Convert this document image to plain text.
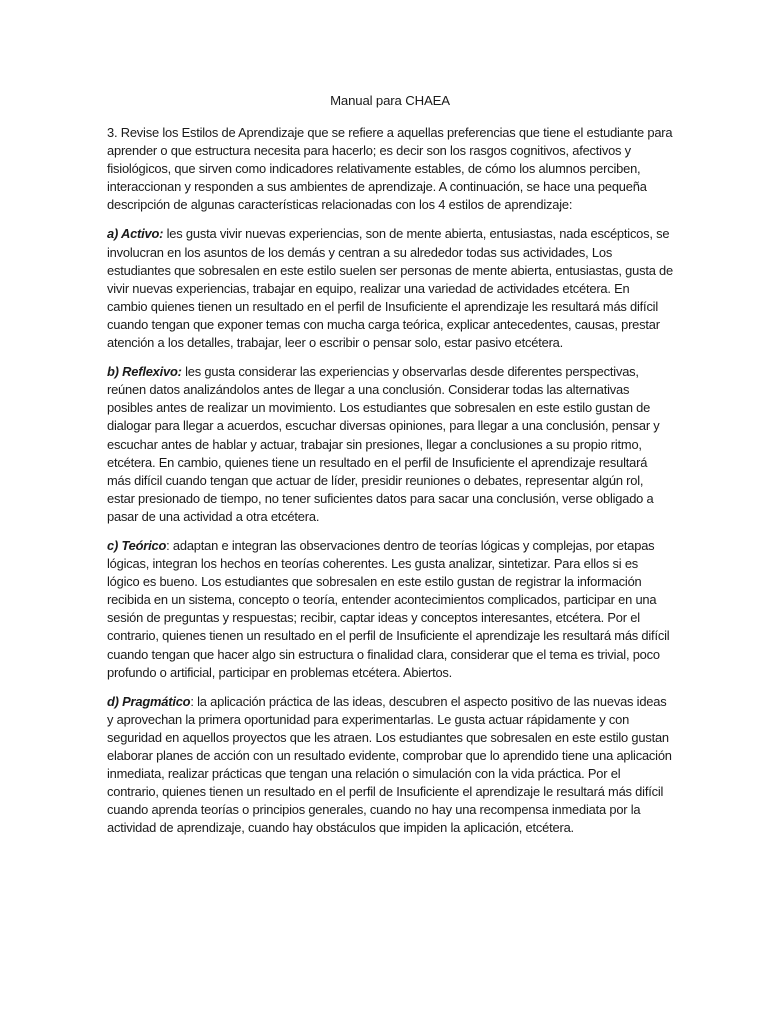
Manual para CHAEA

3. Revise los Estilos de Aprendizaje que se refiere a aquellas preferencias que tiene el estudiante para aprender o que estructura necesita para hacerlo; es decir son los rasgos cognitivos, afectivos y fisiológicos, que sirven como indicadores relativamente estables, de cómo los alumnos perciben, interaccionan y responden a sus ambientes de aprendizaje. A continuación, se hace una pequeña descripción de algunas características relacionadas con los 4 estilos de aprendizaje:

a) Activo: les gusta vivir nuevas experiencias, son de mente abierta, entusiastas, nada escépticos, se involucran en los asuntos de los demás y centran a su alrededor todas sus actividades, Los estudiantes que sobresalen en este estilo suelen ser personas de mente abierta, entusiastas, gusta de vivir nuevas experiencias, trabajar en equipo, realizar una variedad de actividades etcétera. En cambio quienes tienen un resultado en el perfil de Insuficiente el aprendizaje les resultará más difícil cuando tengan que exponer temas con mucha carga teórica, explicar antecedentes, causas, prestar atención a los detalles, trabajar, leer o escribir o pensar solo, estar pasivo etcétera.

b) Reflexivo: les gusta considerar las experiencias y observarlas desde diferentes perspectivas, reúnen datos analizándolos antes de llegar a una conclusión. Considerar todas las alternativas posibles antes de realizar un movimiento. Los estudiantes que sobresalen en este estilo gustan de dialogar para llegar a acuerdos, escuchar diversas opiniones, para llegar a una conclusión, pensar y escuchar antes de hablar y actuar, trabajar sin presiones, llegar a conclusiones a su propio ritmo, etcétera. En cambio, quienes tiene un resultado en el perfil de Insuficiente el aprendizaje resultará más difícil cuando tengan que actuar de líder, presidir reuniones o debates, representar algún rol, estar presionado de tiempo, no tener suficientes datos para sacar una conclusión, verse obligado a pasar de una actividad a otra etcétera.

c) Teórico: adaptan e integran las observaciones dentro de teorías lógicas y complejas, por etapas lógicas, integran los hechos en teorías coherentes. Les gusta analizar, sintetizar. Para ellos si es lógico es bueno. Los estudiantes que sobresalen en este estilo gustan de registrar la información recibida en un sistema, concepto o teoría, entender acontecimientos complicados, participar en una sesión de preguntas y respuestas; recibir, captar ideas y conceptos interesantes, etcétera. Por el contrario, quienes tienen un resultado en el perfil de Insuficiente el aprendizaje les resultará más difícil cuando tengan que hacer algo sin estructura o finalidad clara, considerar que el tema es trivial, poco profundo o artificial, participar en problemas etcétera. Abiertos.

d) Pragmático: la aplicación práctica de las ideas, descubren el aspecto positivo de las nuevas ideas y aprovechan la primera oportunidad para experimentarlas. Le gusta actuar rápidamente y con seguridad en aquellos proyectos que les atraen. Los estudiantes que sobresalen en este estilo gustan elaborar planes de acción con un resultado evidente, comprobar que lo aprendido tiene una aplicación inmediata, realizar prácticas que tengan una relación o simulación con la vida práctica. Por el contrario, quienes tienen un resultado en el perfil de Insuficiente el aprendizaje le resultará más difícil cuando aprenda teorías o principios generales, cuando no hay una recompensa inmediata por la actividad de aprendizaje, cuando hay obstáculos que impiden la aplicación, etcétera.
